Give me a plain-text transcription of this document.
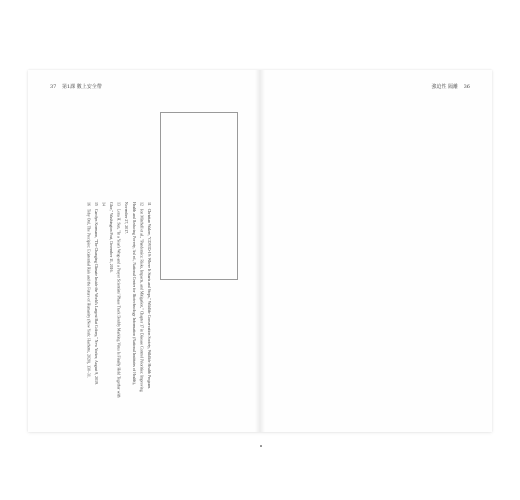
37 第1課 數上安全帶

11 Christian Walzer, "COVID-19: Where It Starts and Stops," Wildlife Conservation Society, Wildlife Health Program.

12 Jon Mitchell et al., "Pandemics: Risks, Impacts, and Mitigation," Chapter 17 in Disease Control Priorities: Improving Health and Reducing Poverty, 3rd ed., National Center for Biotechnology Information (National Institutes of Health), November 27, 2017.

13 Lena H. Sun, "In a Year's Wrap and a Prayer Scientists' Phase Track Doubly Marking Virus Is Finally Held Together with Glue," Washington Post, December 11, 2016.

14

15 Carolyn Kormann, "The Changing Climate Inside the World's Largest Bat Colony," New Yorker, August 9, 2019.

16 Toby Ord, The Precipice: Existential Risk and the Future of Humanity (New York: Hachette, 2020), 130–31.

強迫性 隔離 36
